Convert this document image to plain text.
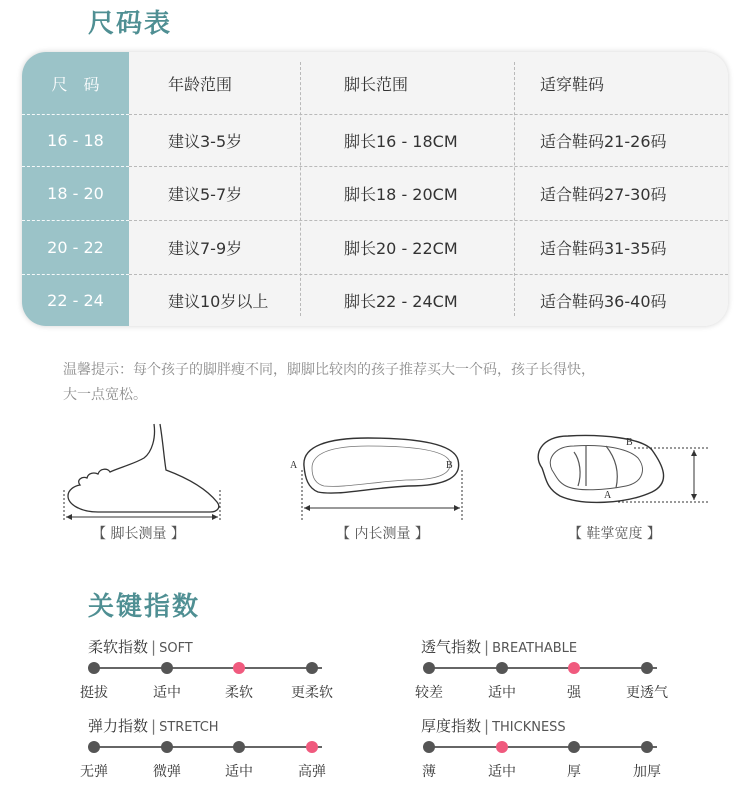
尺码表
尺　码	年龄范围	脚长范围	适穿鞋码
16 - 18	建议3-5岁	脚长16 - 18CM	适合鞋码21-26码
18 - 20	建议5-7岁	脚长18 - 20CM	适合鞋码27-30码
20 - 22	建议7-9岁	脚长20 - 22CM	适合鞋码31-35码
22 - 24	建议10岁以上	脚长22 - 24CM	适合鞋码36-40码
温馨提示：每个孩子的脚胖瘦不同，脚脚比较肉的孩子推荐买大一个码，孩子长得快，
大一点宽松。
【 脚长测量 】
A	B
【 内长测量 】
B
A
【 鞋掌宽度 】
关键指数
柔软指数 | SOFT	透气指数 | BREATHABLE
弹力指数 | STRETCH	厚度指数 | THICKNESS
挺拔	适中	柔软	更柔软	较差	适中	强	更透气
无弹	微弹	适中	高弹	薄	适中	厚	加厚
